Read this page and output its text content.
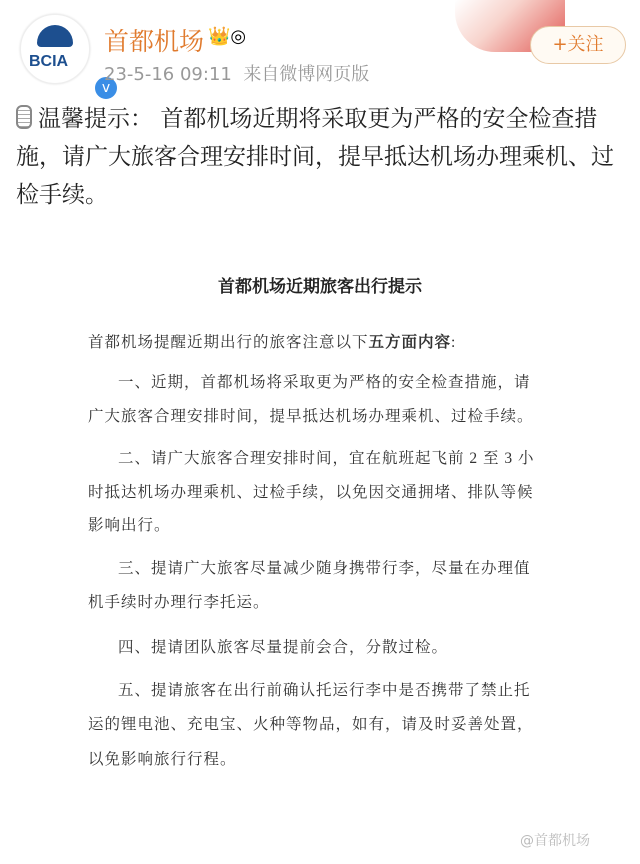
BCIA
v
首都机场 👑◎
23-5-16 09:11 来自微博网页版
+关注
温馨提示： 首都机场近期将采取更为严格的安全检查措施，请广大旅客合理安排时间，提早抵达机场办理乘机、过检手续。
首都机场近期旅客出行提示
首都机场提醒近期出行的旅客注意以下五方面内容:
一、近期，首都机场将采取更为严格的安全检查措施，请
广大旅客合理安排时间，提早抵达机场办理乘机、过检手续。
二、请广大旅客合理安排时间，宜在航班起飞前 2 至 3 小
时抵达机场办理乘机、过检手续，以免因交通拥堵、排队等候
影响出行。
三、提请广大旅客尽量减少随身携带行李，尽量在办理值
机手续时办理行李托运。
四、提请团队旅客尽量提前会合，分散过检。
五、提请旅客在出行前确认托运行李中是否携带了禁止托
运的锂电池、充电宝、火种等物品，如有，请及时妥善处置，
以免影响旅行行程。
@首都机场
